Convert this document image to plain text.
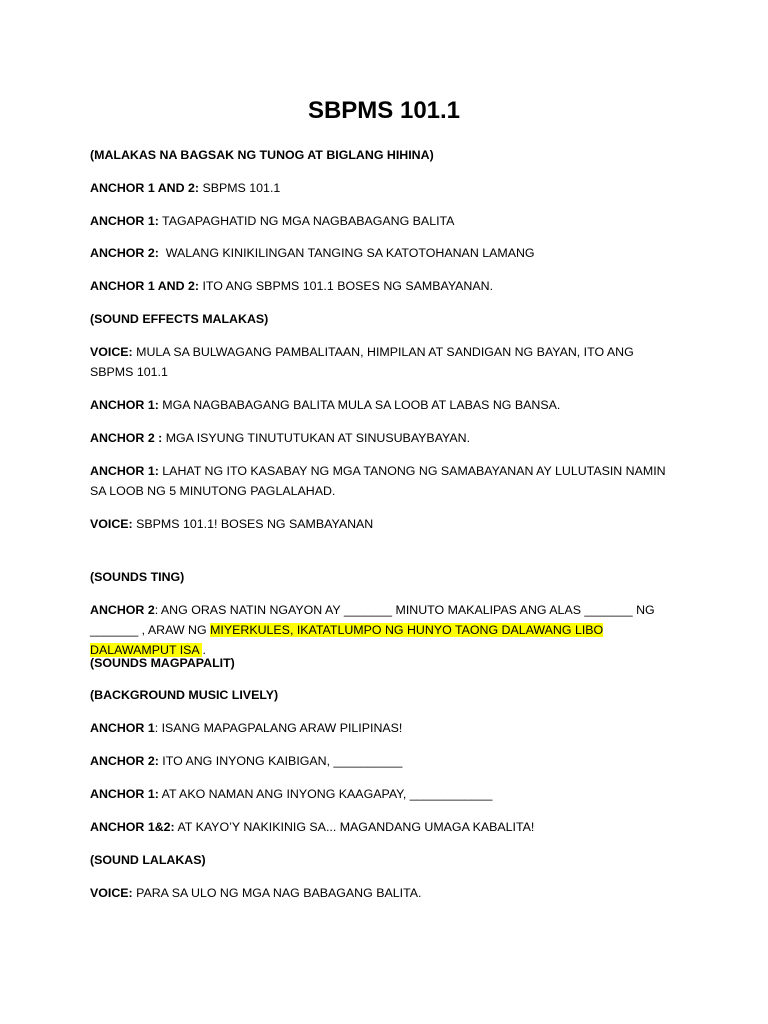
SBPMS 101.1
(MALAKAS NA BAGSAK NG TUNOG AT BIGLANG HIHINA)
ANCHOR 1 AND 2: SBPMS 101.1
ANCHOR 1: TAGAPAGHATID NG MGA NAGBABAGANG BALITA
ANCHOR 2:  WALANG KINIKILINGAN TANGING SA KATOTOHANAN LAMANG
ANCHOR 1 AND 2: ITO ANG SBPMS 101.1 BOSES NG SAMBAYANAN.
(SOUND EFFECTS MALAKAS)
VOICE: MULA SA BULWAGANG PAMBALITAAN, HIMPILAN AT SANDIGAN NG BAYAN, ITO ANG SBPMS 101.1
ANCHOR 1: MGA NAGBABAGANG BALITA MULA SA LOOB AT LABAS NG BANSA.
ANCHOR 2 : MGA ISYUNG TINUTUTUKAN AT SINUSUBAYBAYAN.
ANCHOR 1: LAHAT NG ITO KASABAY NG MGA TANONG NG SAMABAYANAN AY LULUTASIN NAMIN SA LOOB NG 5 MINUTONG PAGLALAHAD.
VOICE: SBPMS 101.1! BOSES NG SAMBAYANAN
(SOUNDS TING)
ANCHOR 2: ANG ORAS NATIN NGAYON AY _______ MINUTO MAKALIPAS ANG ALAS _______ NG _______ , ARAW NG MIYERKULES, IKATATLUMPO NG HUNYO TAONG DALAWANG LIBO DALAWAMPUT ISA .
(SOUNDS MAGPAPALIT)
(BACKGROUND MUSIC LIVELY)
ANCHOR 1: ISANG MAPAGPALANG ARAW PILIPINAS!
ANCHOR 2: ITO ANG INYONG KAIBIGAN, __________
ANCHOR 1: AT AKO NAMAN ANG INYONG KAAGAPAY, ____________
ANCHOR 1&2: AT KAYO’Y NAKIKINIG SA... MAGANDANG UMAGA KABALITA!
(SOUND LALAKAS)
VOICE: PARA SA ULO NG MGA NAG BABAGANG BALITA.
